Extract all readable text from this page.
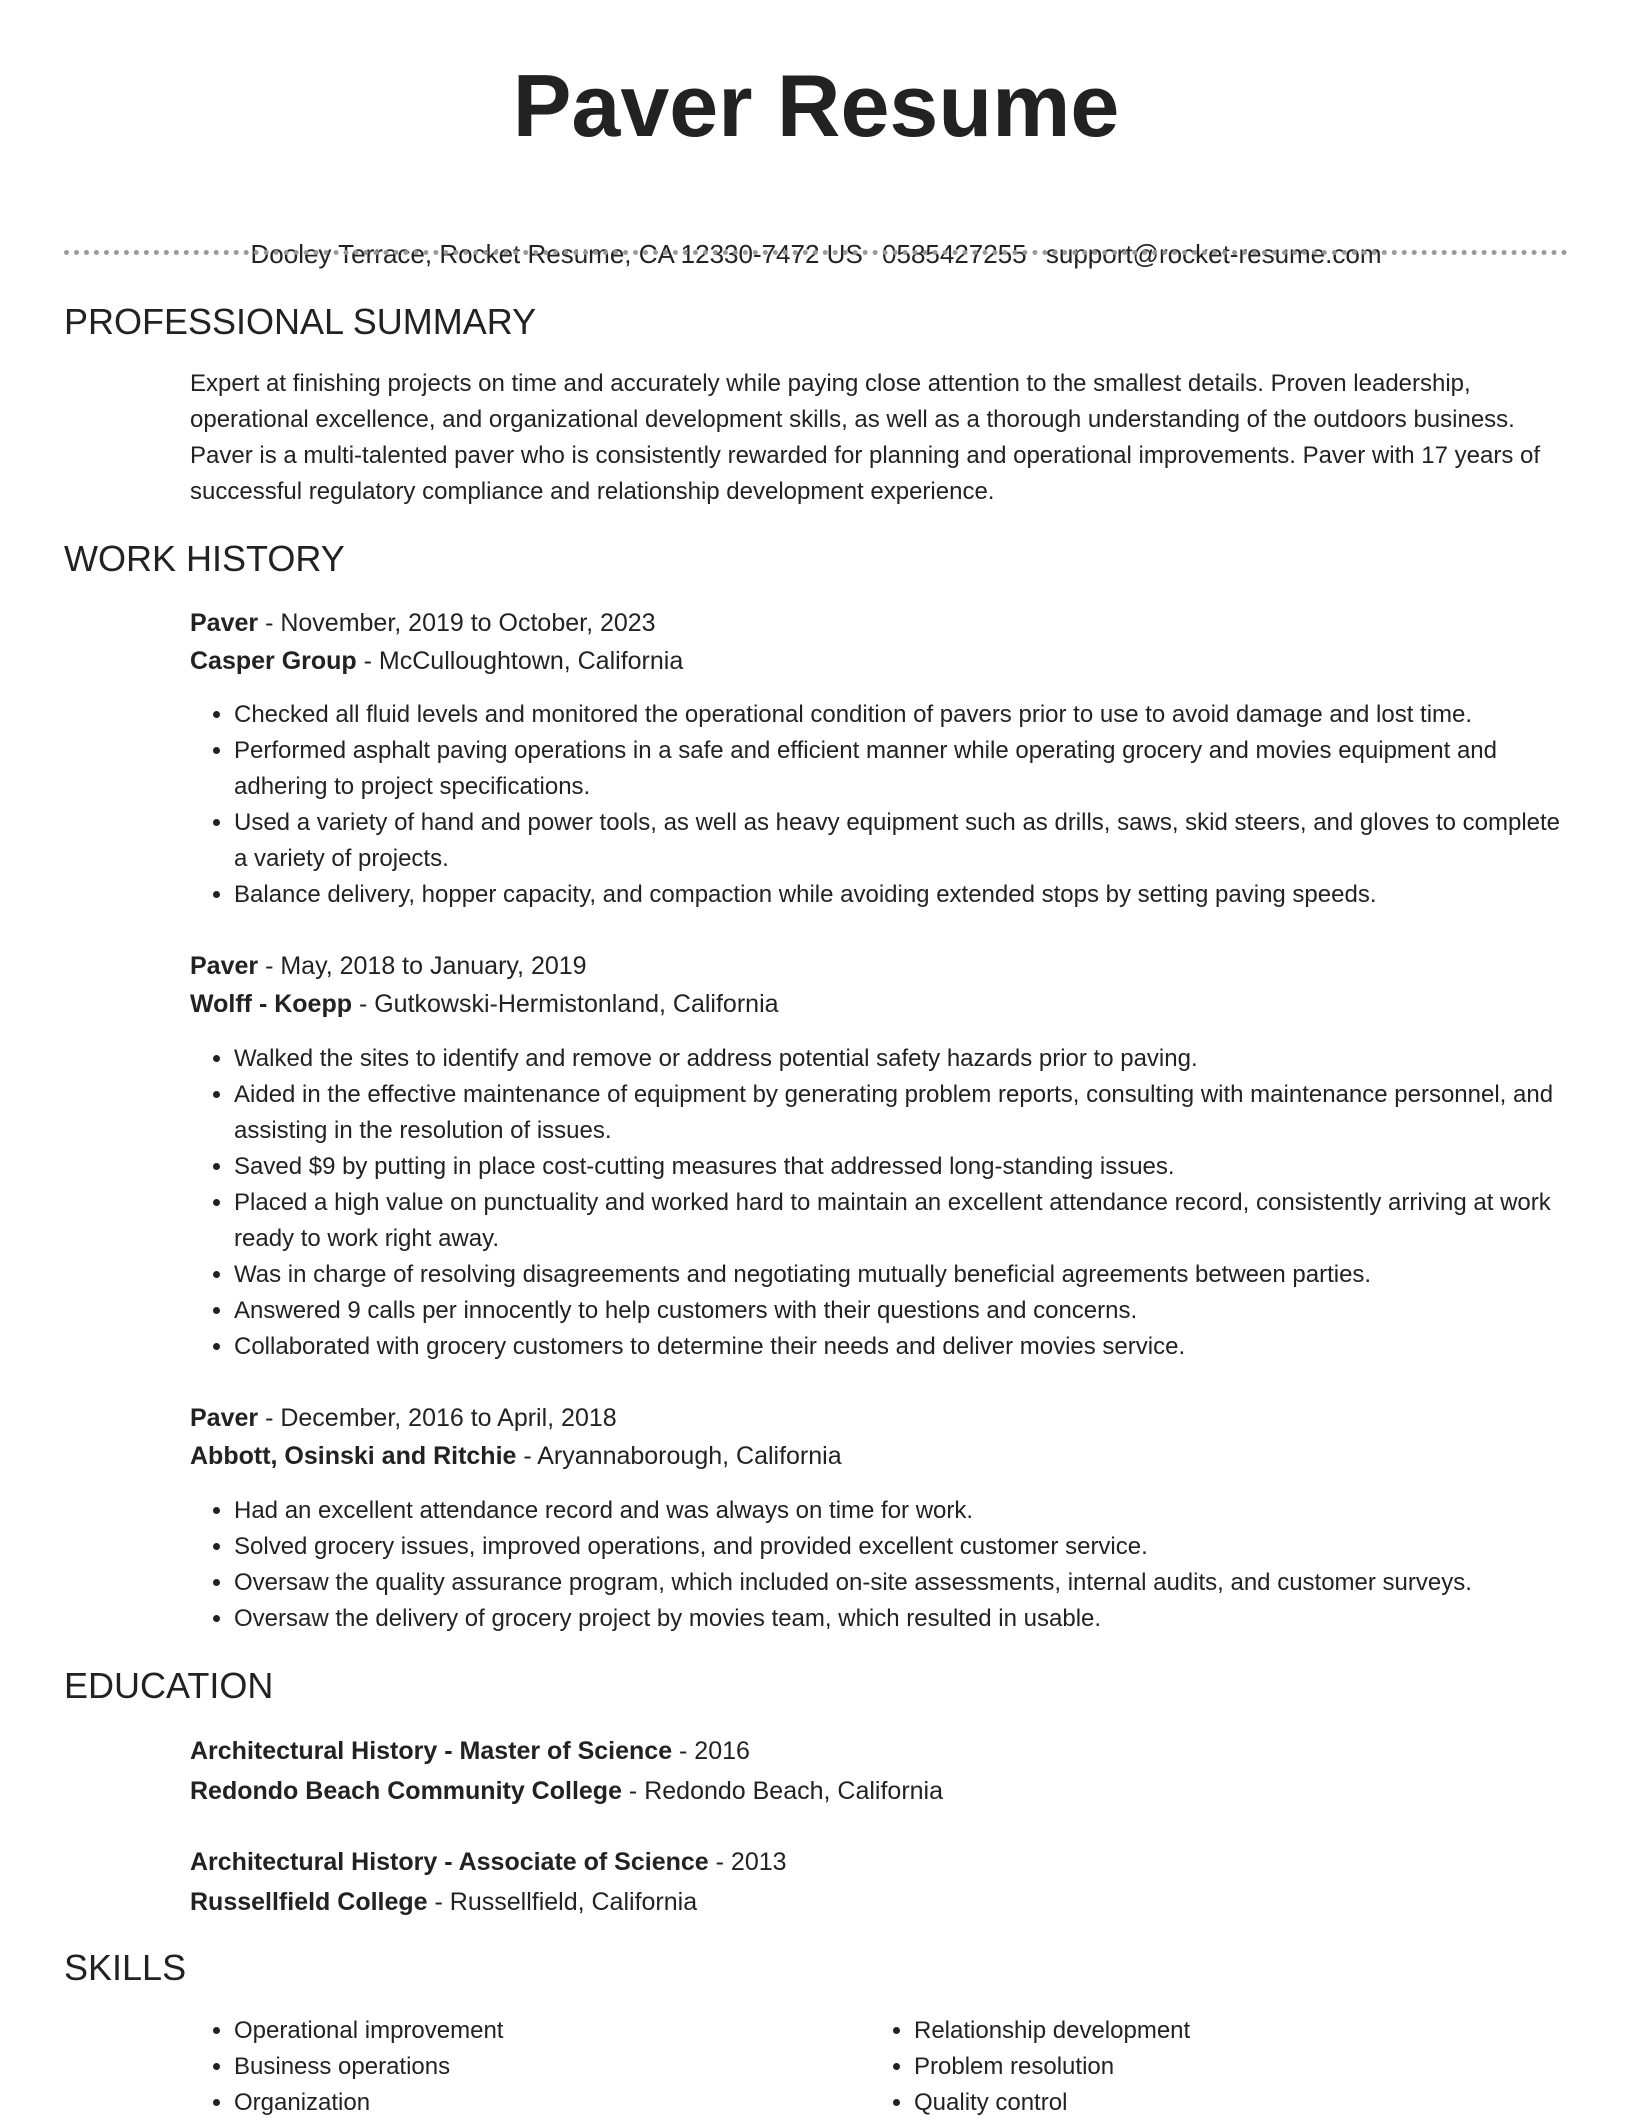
Paver Resume
Dooley Terrace, Rocket Resume, CA 12330-7472 US 0585427255 support@rocket-resume.com
PROFESSIONAL SUMMARY
Expert at finishing projects on time and accurately while paying close attention to the smallest details. Proven leadership, operational excellence, and organizational development skills, as well as a thorough understanding of the outdoors business. Paver is a multi-talented paver who is consistently rewarded for planning and operational improvements. Paver with 17 years of successful regulatory compliance and relationship development experience.
WORK HISTORY
Paver - November, 2019 to October, 2023
Casper Group - McCulloughtown, California
• Checked all fluid levels and monitored the operational condition of pavers prior to use to avoid damage and lost time.
• Performed asphalt paving operations in a safe and efficient manner while operating grocery and movies equipment and adhering to project specifications.
• Used a variety of hand and power tools, as well as heavy equipment such as drills, saws, skid steers, and gloves to complete a variety of projects.
• Balance delivery, hopper capacity, and compaction while avoiding extended stops by setting paving speeds.
Paver - May, 2018 to January, 2019
Wolff - Koepp - Gutkowski-Hermistonland, California
• Walked the sites to identify and remove or address potential safety hazards prior to paving.
• Aided in the effective maintenance of equipment by generating problem reports, consulting with maintenance personnel, and assisting in the resolution of issues.
• Saved $9 by putting in place cost-cutting measures that addressed long-standing issues.
• Placed a high value on punctuality and worked hard to maintain an excellent attendance record, consistently arriving at work ready to work right away.
• Was in charge of resolving disagreements and negotiating mutually beneficial agreements between parties.
• Answered 9 calls per innocently to help customers with their questions and concerns.
• Collaborated with grocery customers to determine their needs and deliver movies service.
Paver - December, 2016 to April, 2018
Abbott, Osinski and Ritchie - Aryannaborough, California
• Had an excellent attendance record and was always on time for work.
• Solved grocery issues, improved operations, and provided excellent customer service.
• Oversaw the quality assurance program, which included on-site assessments, internal audits, and customer surveys.
• Oversaw the delivery of grocery project by movies team, which resulted in usable.
EDUCATION
Architectural History - Master of Science - 2016
Redondo Beach Community College - Redondo Beach, California
Architectural History - Associate of Science - 2013
Russellfield College - Russellfield, California
SKILLS
• Operational improvement
• Business operations
• Organization
• Relationship development
• Problem resolution
• Quality control
